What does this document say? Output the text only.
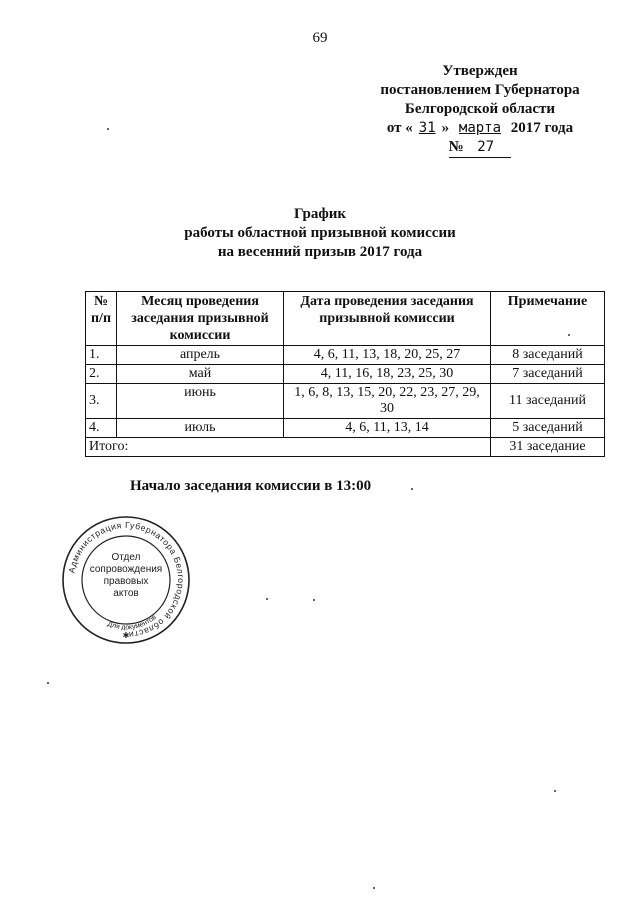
69
Утвержден
постановлением Губернатора
Белгородской области
от « 31 » марта 2017 года
№ 27
График
работы областной призывной комиссии
на весенний призыв 2017 года
№ п/п	Месяц проведения заседания призывной комиссии	Дата проведения заседания призывной комиссии	Примечание
1.	апрель	4, 6, 11, 13, 18, 20, 25, 27	8 заседаний
2.	май	4, 11, 16, 18, 23, 25, 30	7 заседаний
3.	июнь	1, 6, 8, 13, 15, 20, 22, 23, 27, 29, 30	11 заседаний
4.	июль	4, 6, 11, 13, 14	5 заседаний
Итого:			31 заседание
Начало заседания комиссии в 13:00
Администрация Губернатора Белгородской области
Для документов
Отдел
сопровождения
правовых
актов
✱
